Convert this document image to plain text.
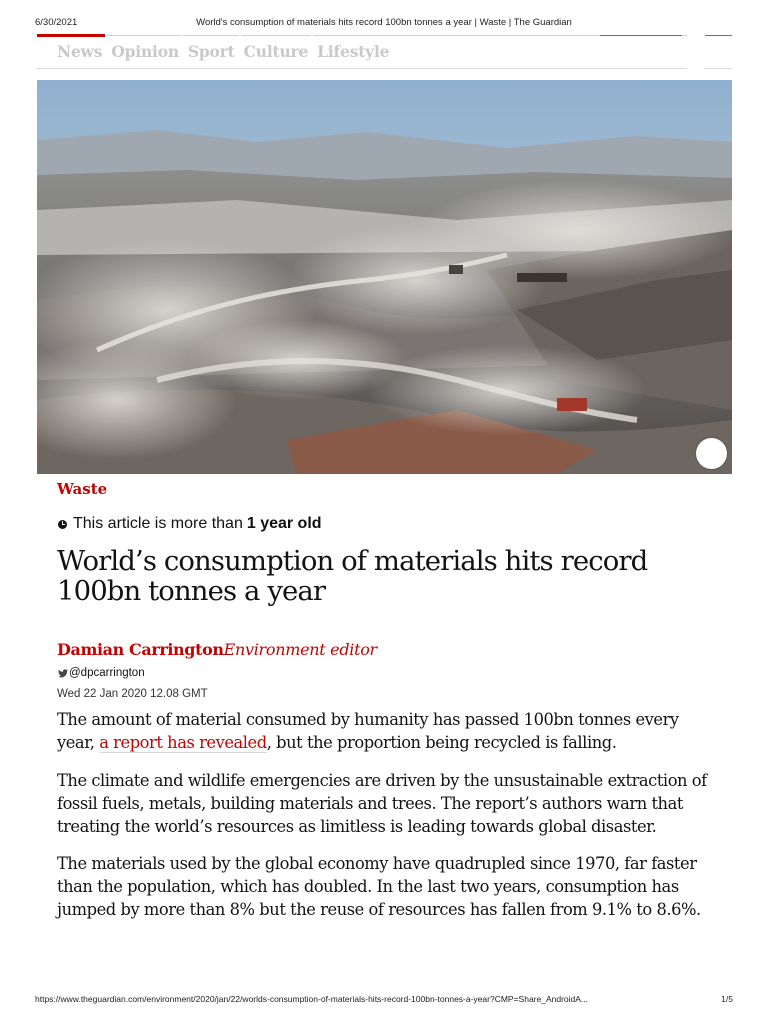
6/30/2021	World's consumption of materials hits record 100bn tonnes a year | Waste | The Guardian
News Opinion Sport Culture Lifestyle
Waste
This article is more than 1 year old
World’s consumption of materials hits record 100bn tonnes a year
Damian CarringtonEnvironment editor
@dpcarrington
Wed 22 Jan 2020 12.08 GMT

The amount of material consumed by humanity has passed 100bn tonnes every year, a report has revealed, but the proportion being recycled is falling.

The climate and wildlife emergencies are driven by the unsustainable extraction of fossil fuels, metals, building materials and trees. The report’s authors warn that treating the world’s resources as limitless is leading towards global disaster.

The materials used by the global economy have quadrupled since 1970, far faster than the population, which has doubled. In the last two years, consumption has jumped by more than 8% but the reuse of resources has fallen from 9.1% to 8.6%.

https://www.theguardian.com/environment/2020/jan/22/worlds-consumption-of-materials-hits-record-100bn-tonnes-a-year?CMP=Share_AndroidA...	1/5
